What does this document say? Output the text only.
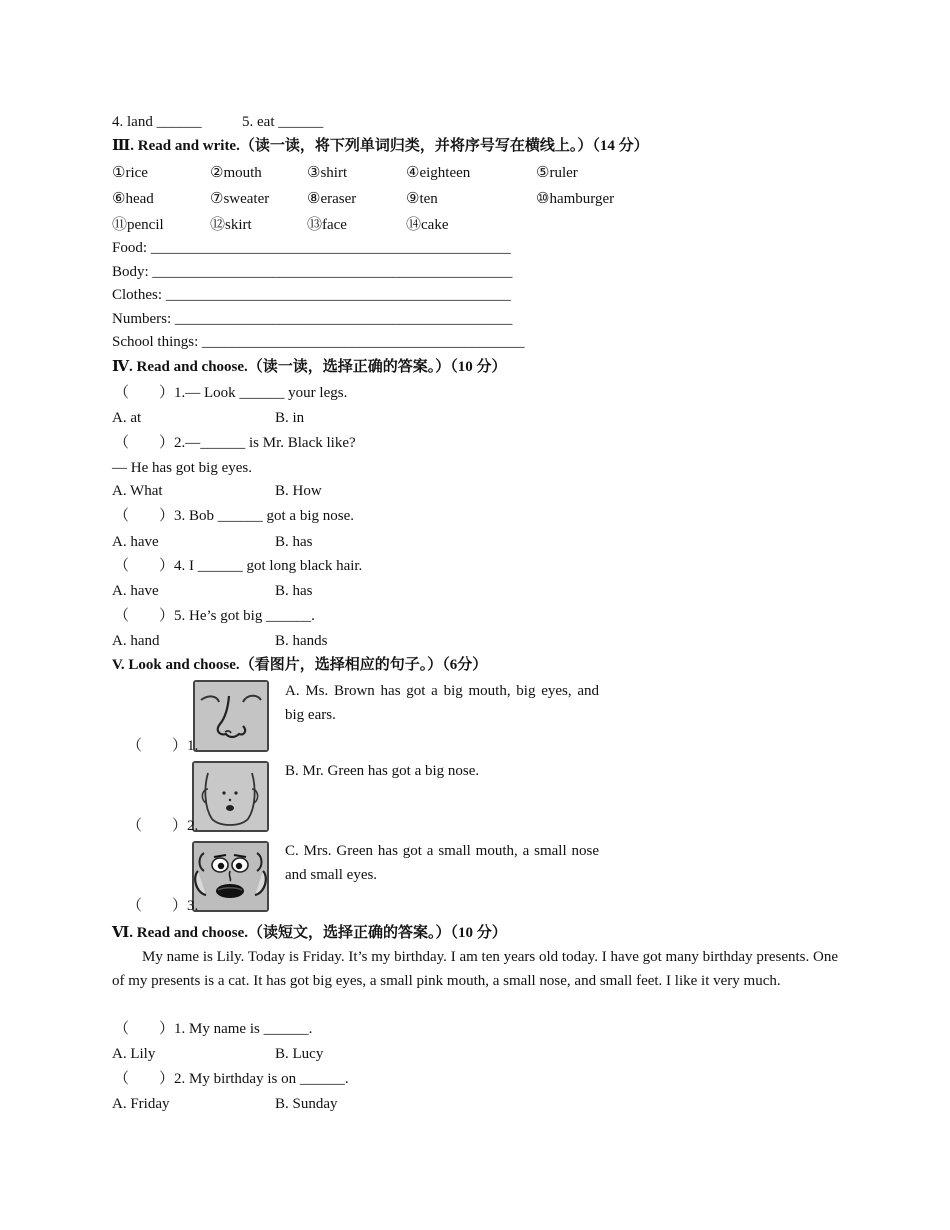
4. land ______	5. eat ______
Ⅲ. Read and write.（读一读，将下列单词归类，并将序号写在横线上。）（14 分）
①rice	②mouth	③shirt	④eighteen	⑤ruler
⑥head	⑦sweater	⑧eraser	⑨ten	⑩hamburger
⑪pencil	⑫skirt	⑬face	⑭cake
Food: ________________________________________________
Body: ________________________________________________
Clothes: ______________________________________________
Numbers: _____________________________________________
School things: ___________________________________________
Ⅳ. Read and choose.（读一读，选择正确的答案。）（10 分）
（　　）1.— Look ______ your legs.
A. at	B. in
（　　）2.—______ is Mr. Black like?
— He has got big eyes.
A. What	B. How
（　　）3. Bob ______ got a big nose.
A. have	B. has
（　　）4. I ______ got long black hair.
A. have	B. has
（　　）5. He’s got big ______.
A. hand	B. hands
V. Look and choose.（看图片，选择相应的句子。）（6分）
（　　）1.
（　　）2.
（　　）3.
A. Ms. Brown has got a big mouth, big eyes, and big ears.
B. Mr. Green has got a big nose.
C. Mrs. Green has got a small mouth, a small nose and small eyes.
Ⅵ. Read and choose.（读短文，选择正确的答案。）（10 分）
My name is Lily. Today is Friday. It’s my birthday. I am ten years old today. I have got many birthday presents. One of my presents is a cat. It has got big eyes, a small pink mouth, a small nose, and small feet. I like it very much.
（　　）1. My name is ______.
A. Lily	B. Lucy
（　　）2. My birthday is on ______.
A. Friday	B. Sunday
